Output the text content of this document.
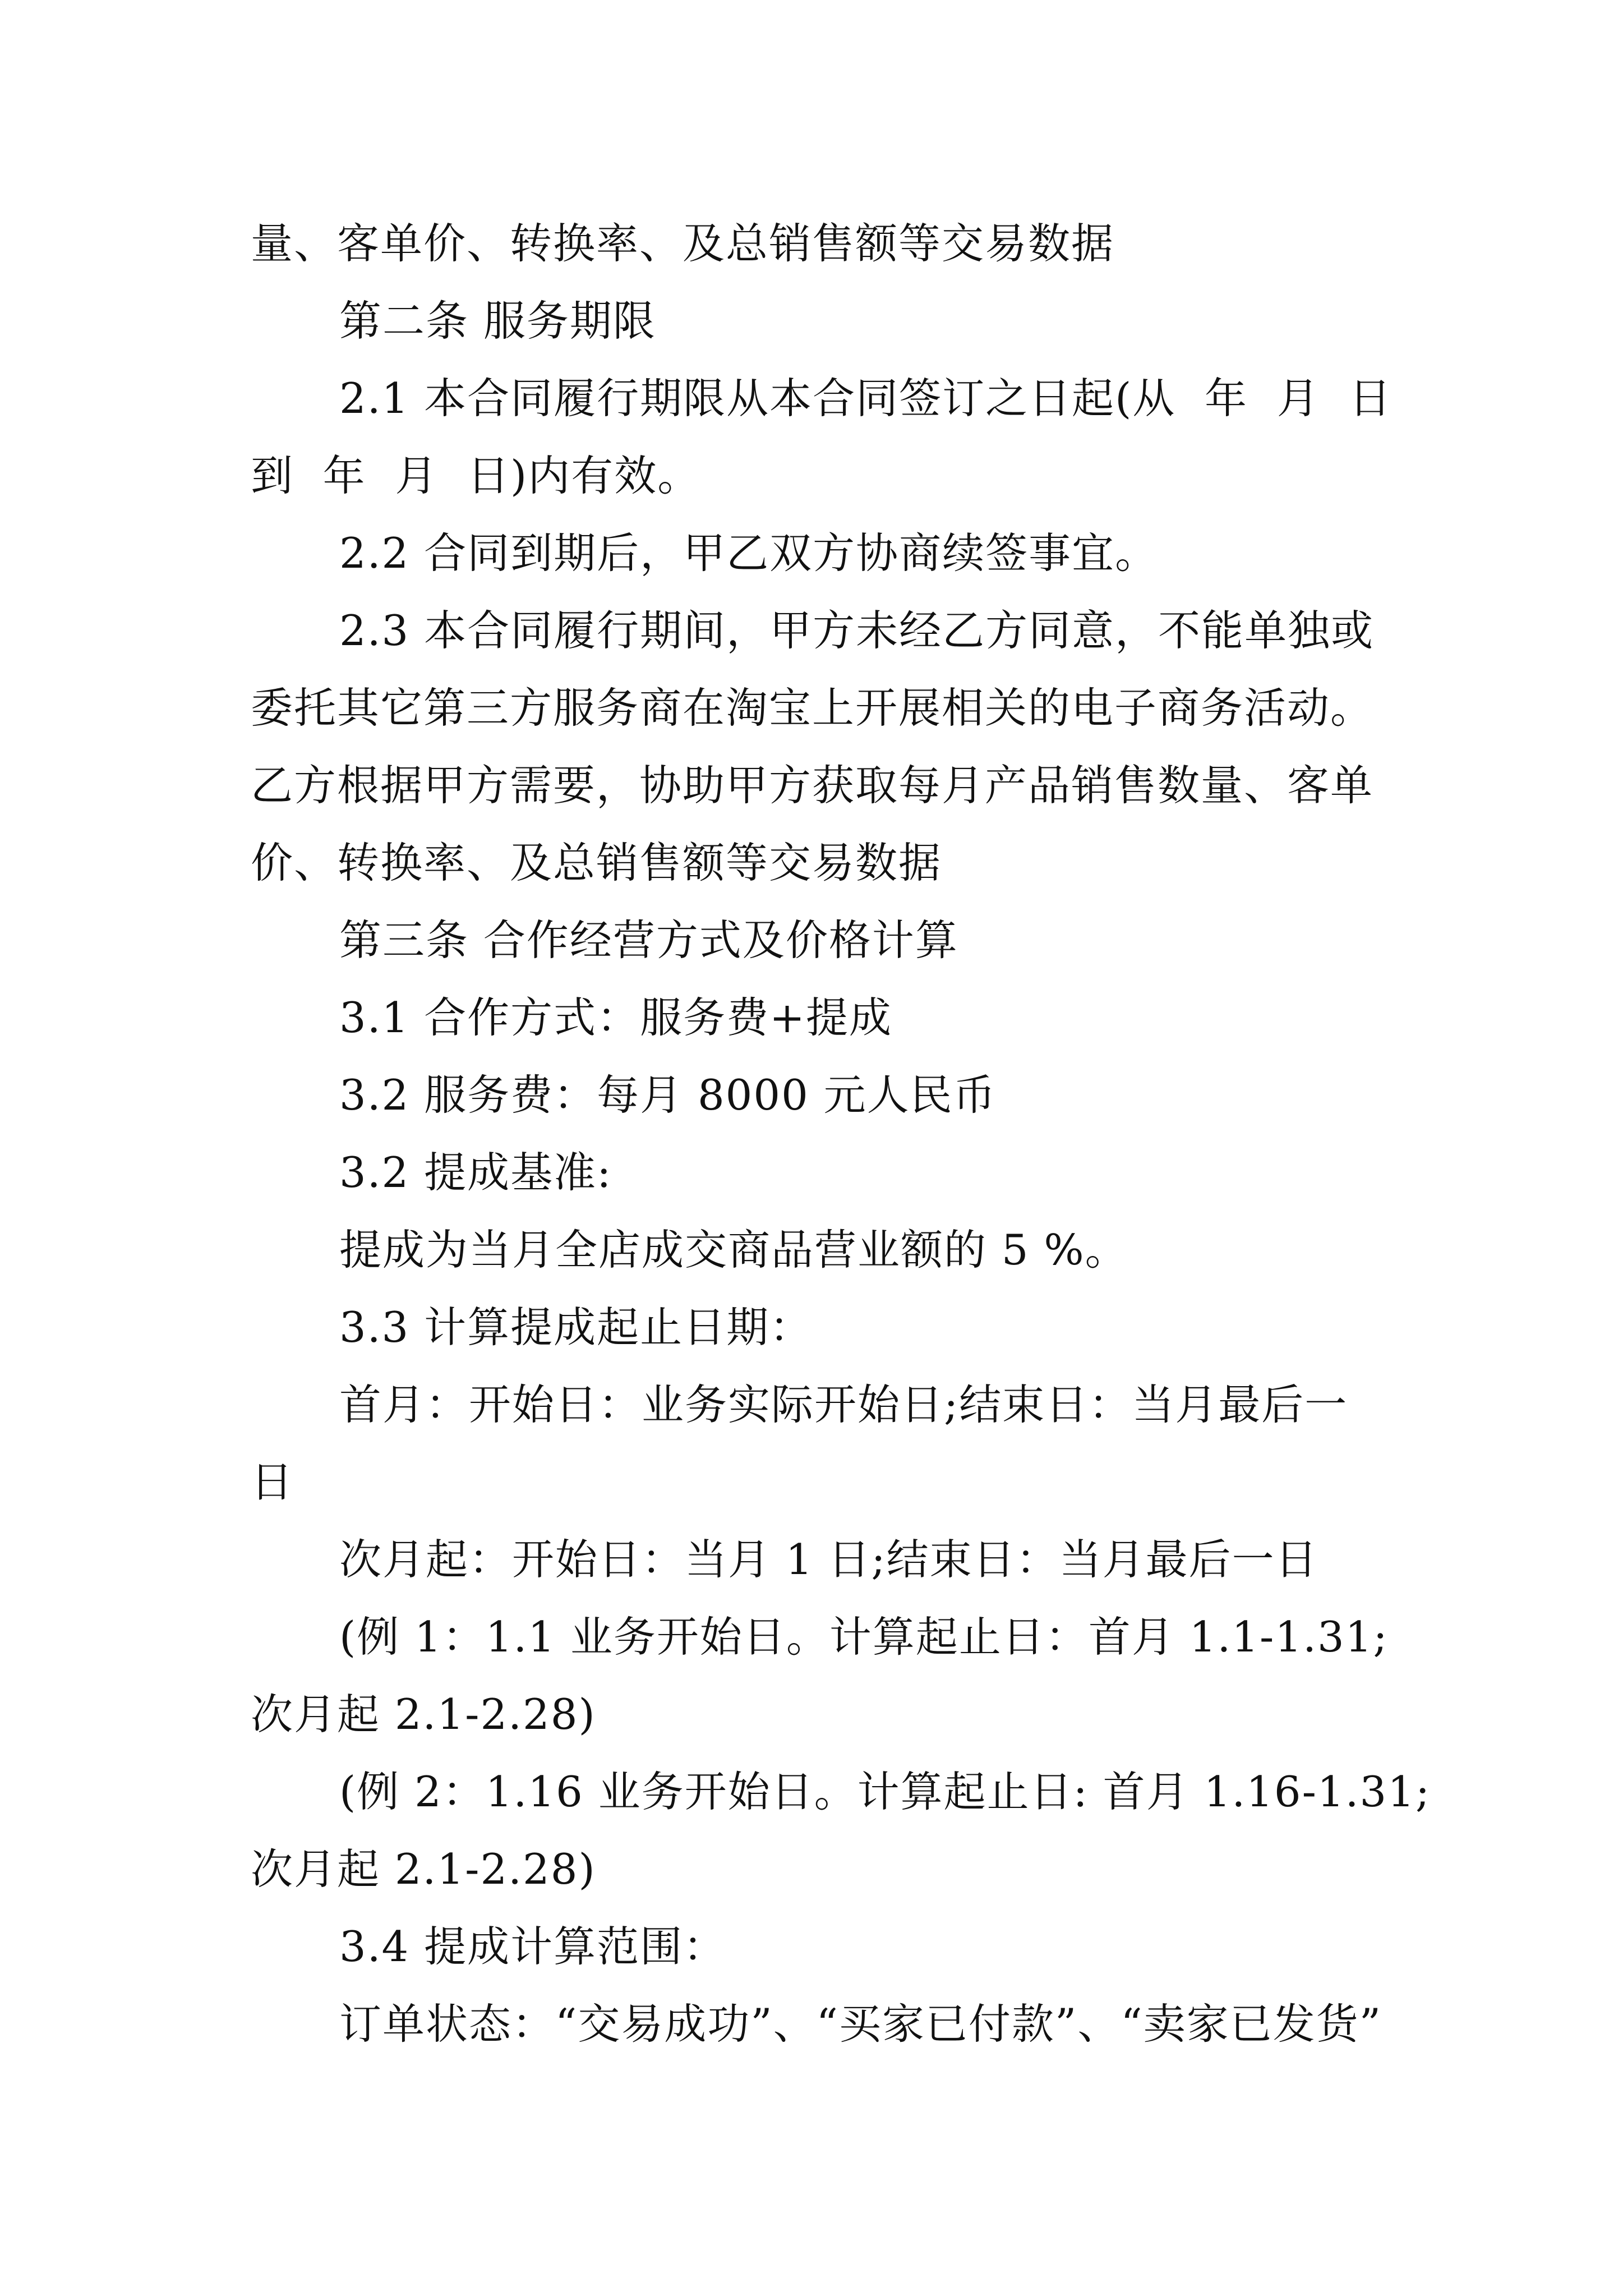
量、客单价、转换率、及总销售额等交易数据
第二条 服务期限
2.1 本合同履行期限从本合同签订之日起(从  年  月  日
到  年  月  日)内有效。
2.2 合同到期后，甲乙双方协商续签事宜。
2.3 本合同履行期间，甲方未经乙方同意，不能单独或
委托其它第三方服务商在淘宝上开展相关的电子商务活动。
乙方根据甲方需要，协助甲方获取每月产品销售数量、客单
价、转换率、及总销售额等交易数据
第三条 合作经营方式及价格计算
3.1 合作方式：服务费+提成
3.2 服务费：每月 8000 元人民币
3.2 提成基准:
提成为当月全店成交商品营业额的 5 %。
3.3 计算提成起止日期：
首月：开始日：业务实际开始日;结束日：当月最后一
日
次月起：开始日：当月 1 日;结束日：当月最后一日
(例 1：1.1 业务开始日。计算起止日：首月 1.1-1.31;
次月起 2.1-2.28)
(例 2：1.16 业务开始日。计算起止日: 首月 1.16-1.31;
次月起 2.1-2.28)
3.4 提成计算范围：
订单状态：“交易成功”、“买家已付款”、“卖家已发货”
